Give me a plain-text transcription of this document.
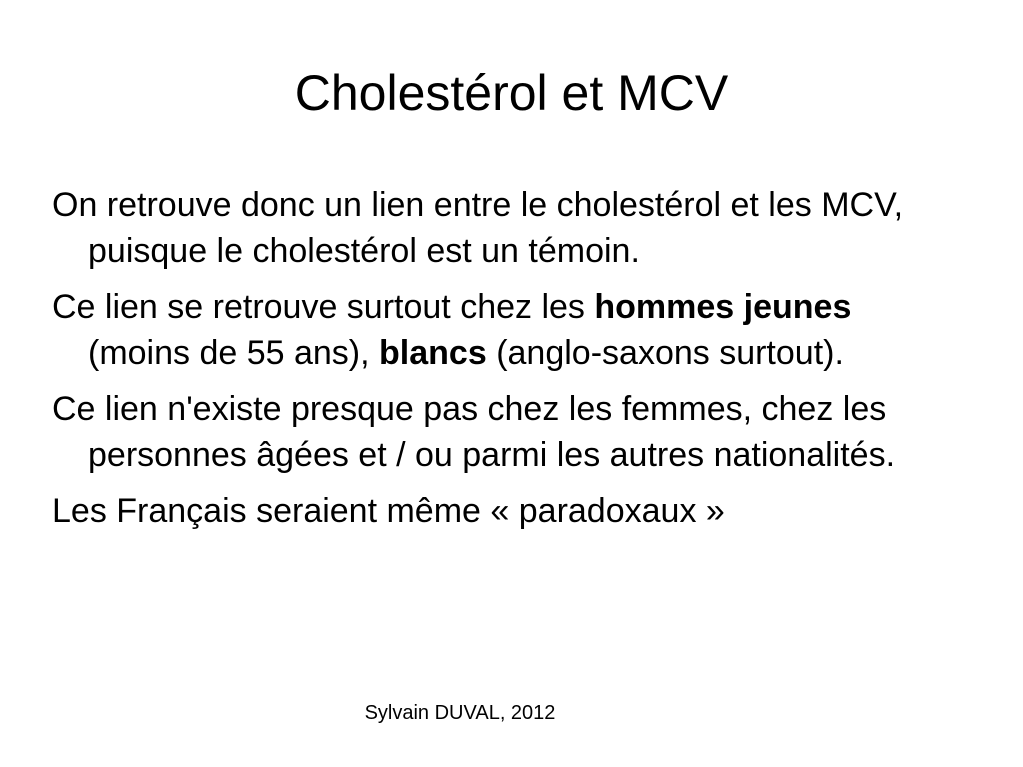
Cholestérol et MCV
On retrouve donc un lien entre le cholestérol et les MCV, puisque le cholestérol est un témoin.
Ce lien se retrouve surtout chez les hommes jeunes (moins de 55 ans), blancs (anglo-saxons surtout).
Ce lien n'existe presque pas chez les femmes, chez les personnes âgées et / ou parmi les autres nationalités.
Les Français seraient même « paradoxaux »
Sylvain DUVAL, 2012
